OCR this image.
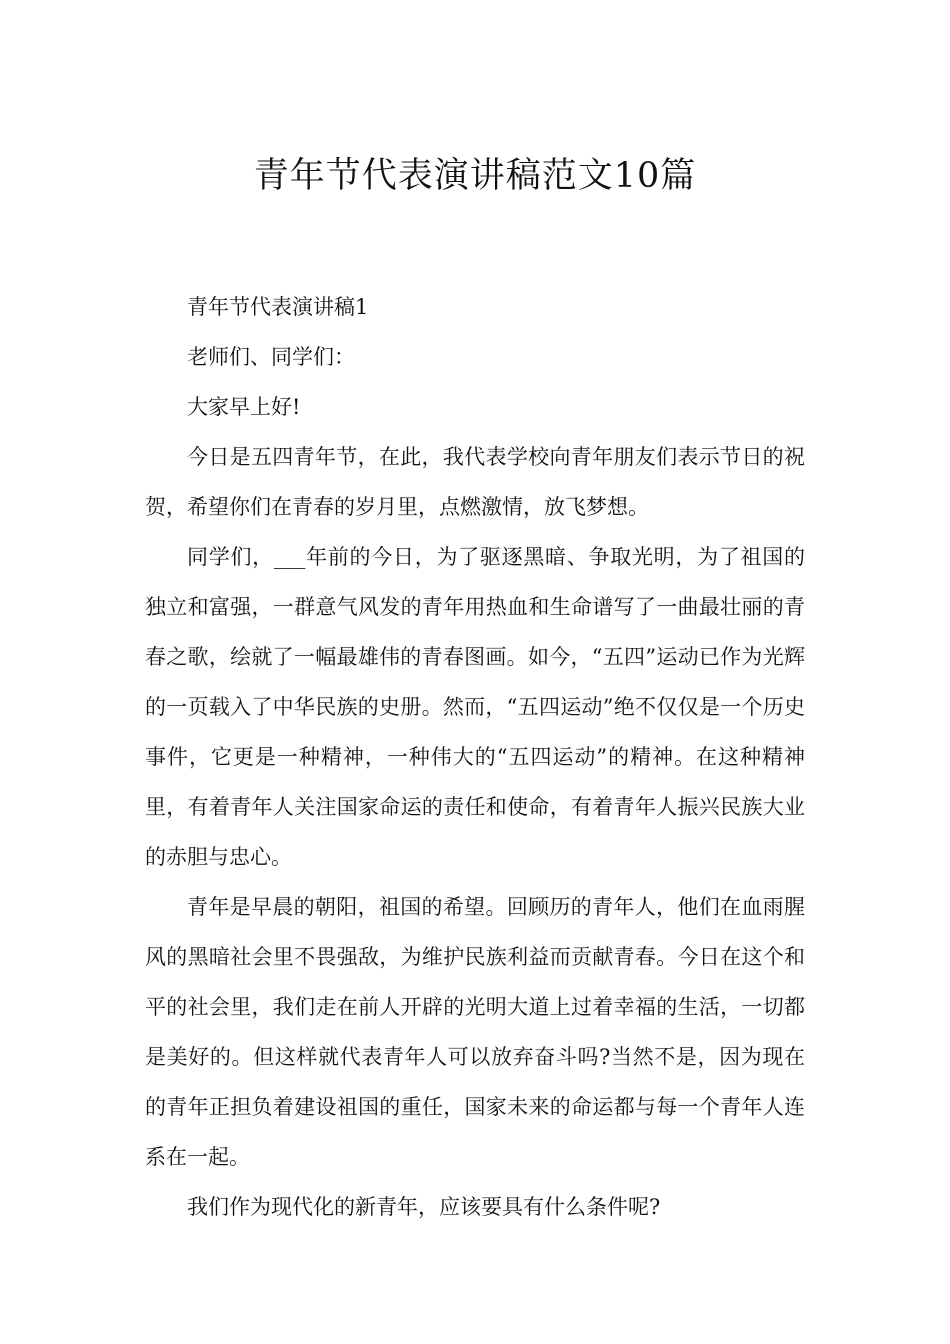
青年节代表演讲稿范文10篇

青年节代表演讲稿1

老师们、同学们：

大家早上好!

今日是五四青年节，在此，我代表学校向青年朋友们表示节日的祝贺，希望你们在青春的岁月里，点燃激情，放飞梦想。

同学们，___年前的今日，为了驱逐黑暗、争取光明，为了祖国的独立和富强，一群意气风发的青年用热血和生命谱写了一曲最壮丽的青春之歌，绘就了一幅最雄伟的青春图画。如今，“五四”运动已作为光辉的一页载入了中华民族的史册。然而，“五四运动”绝不仅仅是一个历史事件，它更是一种精神，一种伟大的“五四运动”的精神。在这种精神里，有着青年人关注国家命运的责任和使命，有着青年人振兴民族大业的赤胆与忠心。

青年是早晨的朝阳，祖国的希望。回顾历的青年人，他们在血雨腥风的黑暗社会里不畏强敌，为维护民族利益而贡献青春。今日在这个和平的社会里，我们走在前人开辟的光明大道上过着幸福的生活，一切都是美好的。但这样就代表青年人可以放弃奋斗吗?当然不是，因为现在的青年正担负着建设祖国的重任，国家未来的命运都与每一个青年人连系在一起。

我们作为现代化的新青年，应该要具有什么条件呢?
